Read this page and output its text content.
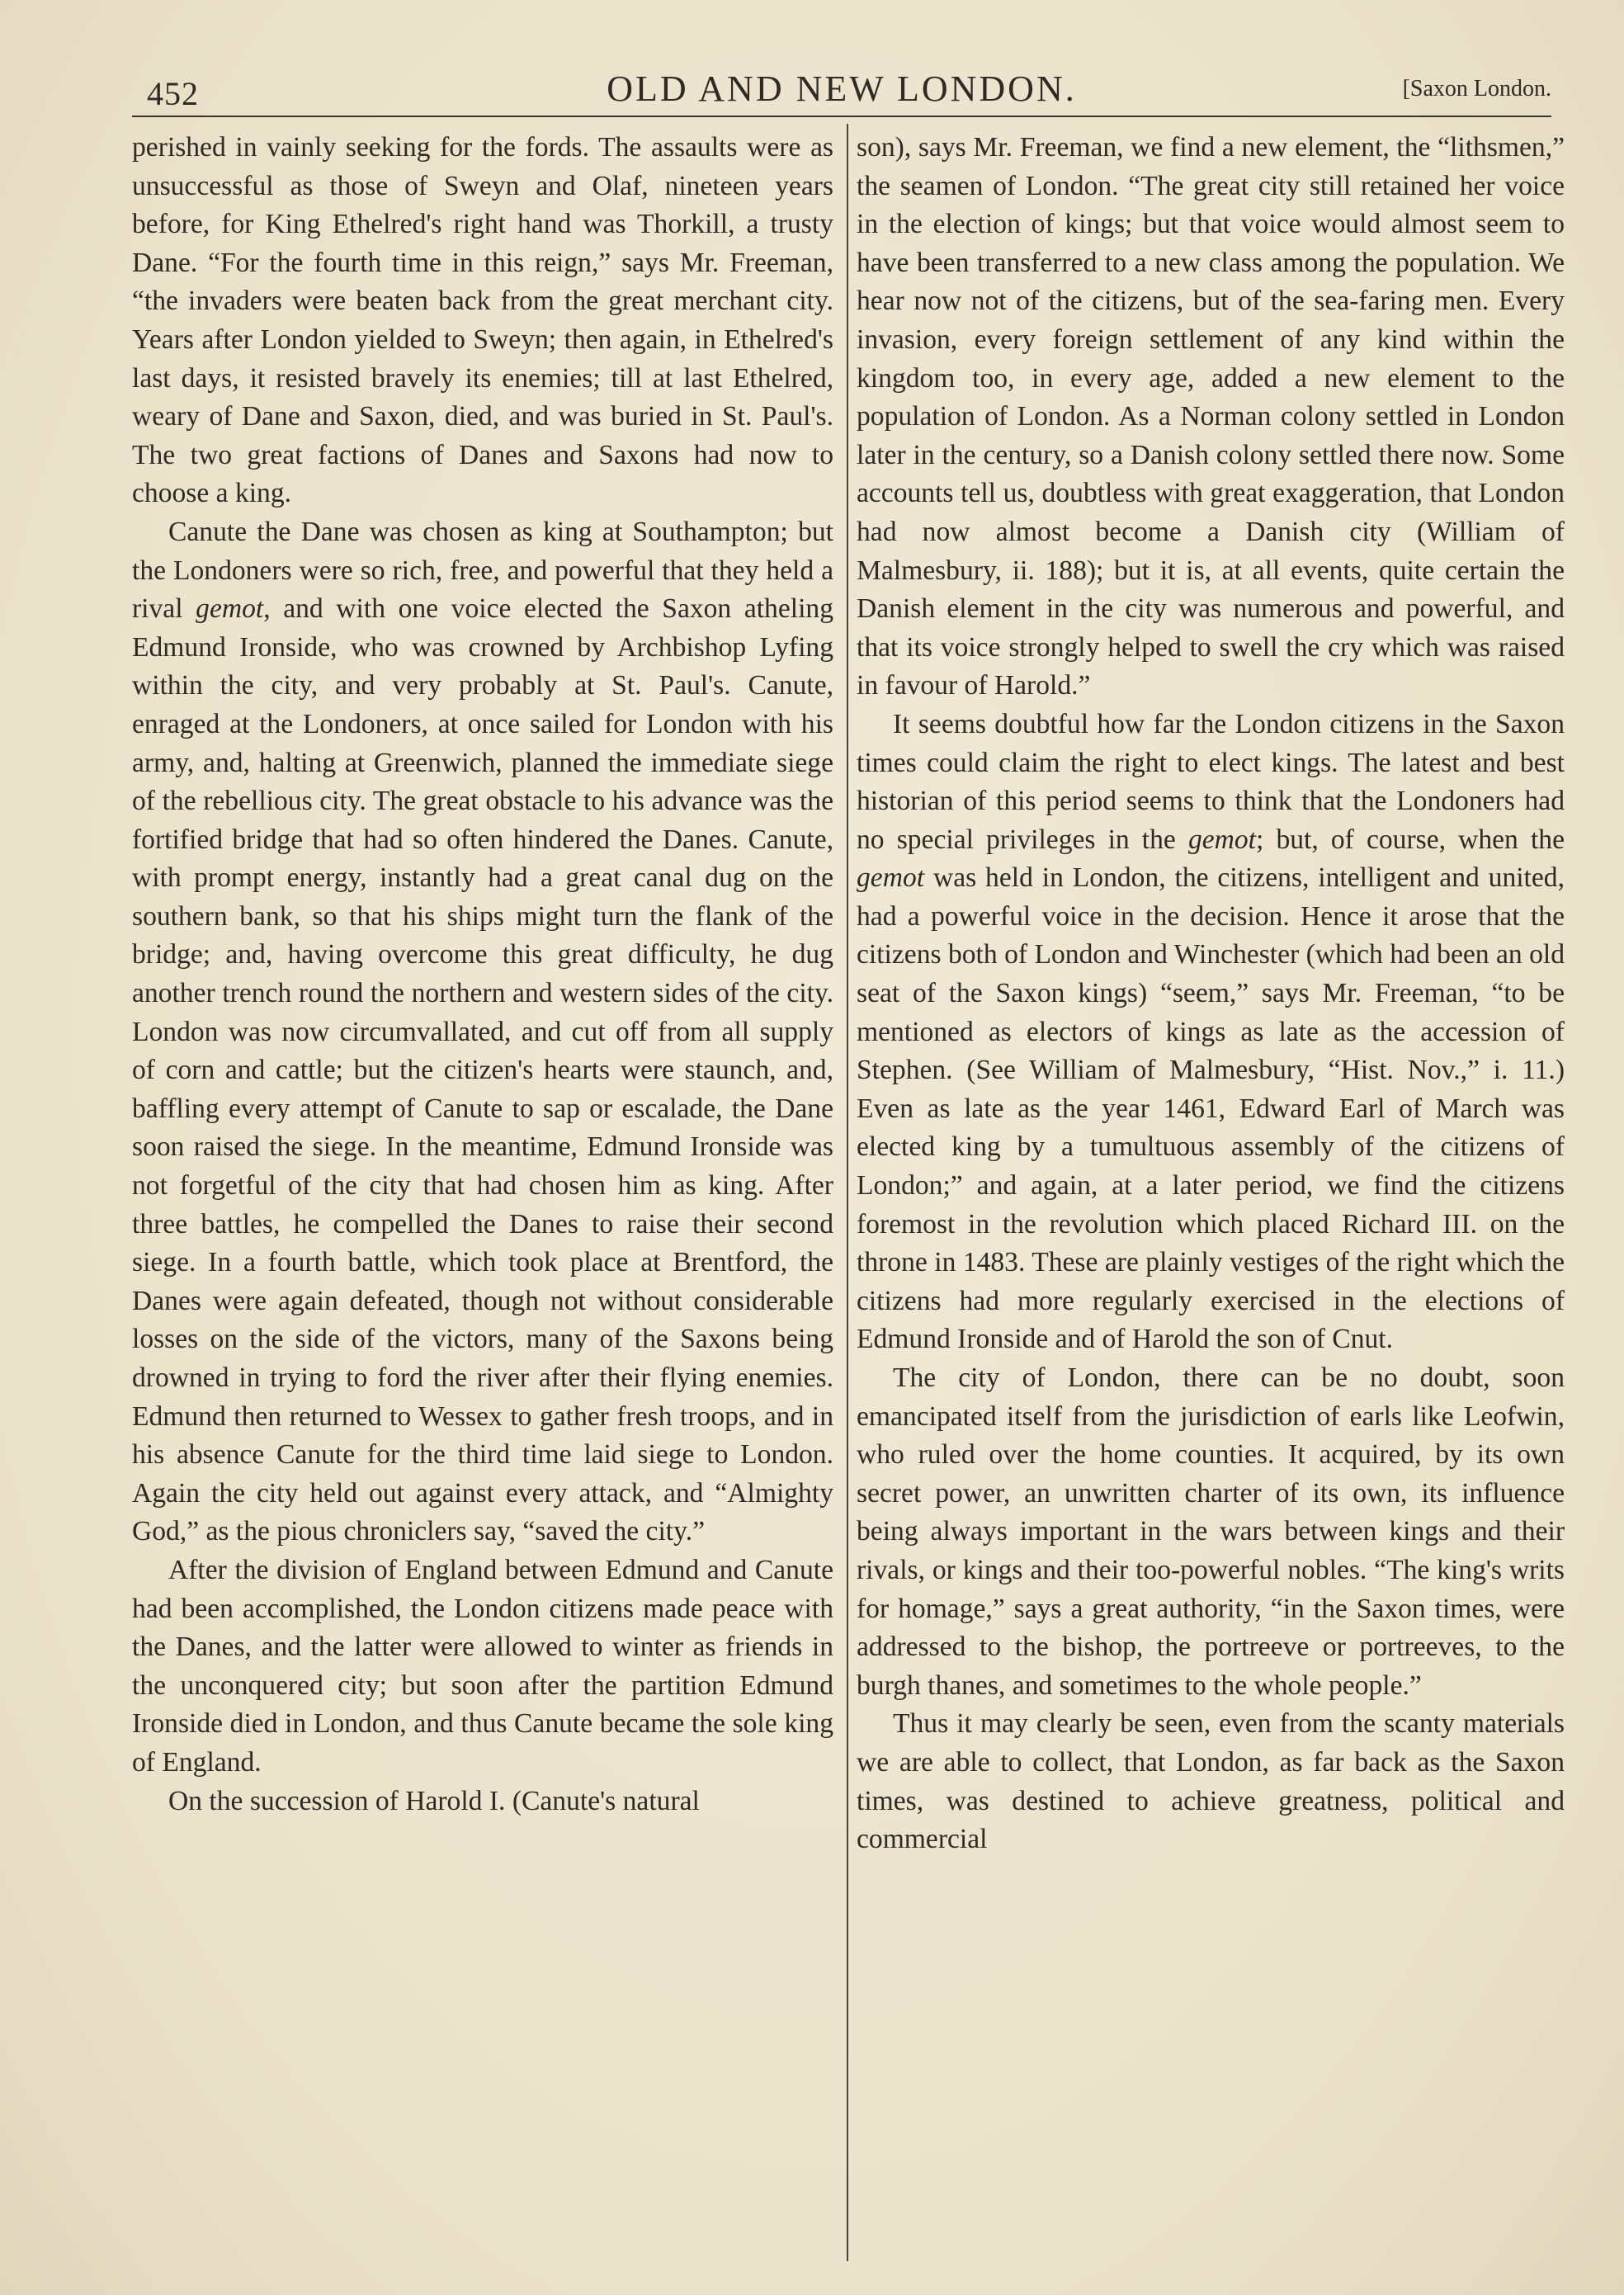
452	OLD AND NEW LONDON.	[Saxon London.

perished in vainly seeking for the fords. The assaults were as unsuccessful as those of Sweyn and Olaf, nineteen years before, for King Ethelred's right hand was Thorkill, a trusty Dane. “For the fourth time in this reign,” says Mr. Freeman, “the invaders were beaten back from the great merchant city. Years after London yielded to Sweyn; then again, in Ethelred's last days, it resisted bravely its enemies; till at last Ethelred, weary of Dane and Saxon, died, and was buried in St. Paul's. The two great factions of Danes and Saxons had now to choose a king.

Canute the Dane was chosen as king at Southampton; but the Londoners were so rich, free, and powerful that they held a rival gemot, and with one voice elected the Saxon atheling Edmund Ironside, who was crowned by Archbishop Lyfing within the city, and very probably at St. Paul's. Canute, enraged at the Londoners, at once sailed for London with his army, and, halting at Greenwich, planned the immediate siege of the rebellious city. The great obstacle to his advance was the fortified bridge that had so often hindered the Danes. Canute, with prompt energy, instantly had a great canal dug on the southern bank, so that his ships might turn the flank of the bridge; and, having overcome this great difficulty, he dug another trench round the northern and western sides of the city. London was now circumvallated, and cut off from all supply of corn and cattle; but the citizen's hearts were staunch, and, baffling every attempt of Canute to sap or escalade, the Dane soon raised the siege. In the meantime, Edmund Ironside was not forgetful of the city that had chosen him as king. After three battles, he compelled the Danes to raise their second siege. In a fourth battle, which took place at Brentford, the Danes were again defeated, though not without considerable losses on the side of the victors, many of the Saxons being drowned in trying to ford the river after their flying enemies. Edmund then returned to Wessex to gather fresh troops, and in his absence Canute for the third time laid siege to London. Again the city held out against every attack, and “Almighty God,” as the pious chroniclers say, “saved the city.”

After the division of England between Edmund and Canute had been accomplished, the London citizens made peace with the Danes, and the latter were allowed to winter as friends in the unconquered city; but soon after the partition Edmund Ironside died in London, and thus Canute became the sole king of England.

On the succession of Harold I. (Canute's natural

son), says Mr. Freeman, we find a new element, the “lithsmen,” the seamen of London. “The great city still retained her voice in the election of kings; but that voice would almost seem to have been transferred to a new class among the population. We hear now not of the citizens, but of the sea-faring men. Every invasion, every foreign settlement of any kind within the kingdom too, in every age, added a new element to the population of London. As a Norman colony settled in London later in the century, so a Danish colony settled there now. Some accounts tell us, doubtless with great exaggeration, that London had now almost become a Danish city (William of Malmesbury, ii. 188); but it is, at all events, quite certain the Danish element in the city was numerous and powerful, and that its voice strongly helped to swell the cry which was raised in favour of Harold.”

It seems doubtful how far the London citizens in the Saxon times could claim the right to elect kings. The latest and best historian of this period seems to think that the Londoners had no special privileges in the gemot; but, of course, when the gemot was held in London, the citizens, intelligent and united, had a powerful voice in the decision. Hence it arose that the citizens both of London and Winchester (which had been an old seat of the Saxon kings) “seem,” says Mr. Freeman, “to be mentioned as electors of kings as late as the accession of Stephen. (See William of Malmesbury, “Hist. Nov.,” i. 11.) Even as late as the year 1461, Edward Earl of March was elected king by a tumultuous assembly of the citizens of London;” and again, at a later period, we find the citizens foremost in the revolution which placed Richard III. on the throne in 1483. These are plainly vestiges of the right which the citizens had more regularly exercised in the elections of Edmund Ironside and of Harold the son of Cnut.

The city of London, there can be no doubt, soon emancipated itself from the jurisdiction of earls like Leofwin, who ruled over the home counties. It acquired, by its own secret power, an unwritten charter of its own, its influence being always important in the wars between kings and their rivals, or kings and their too-powerful nobles. “The king's writs for homage,” says a great authority, “in the Saxon times, were addressed to the bishop, the portreeve or portreeves, to the burgh thanes, and sometimes to the whole people.”

Thus it may clearly be seen, even from the scanty materials we are able to collect, that London, as far back as the Saxon times, was destined to achieve greatness, political and commercial
